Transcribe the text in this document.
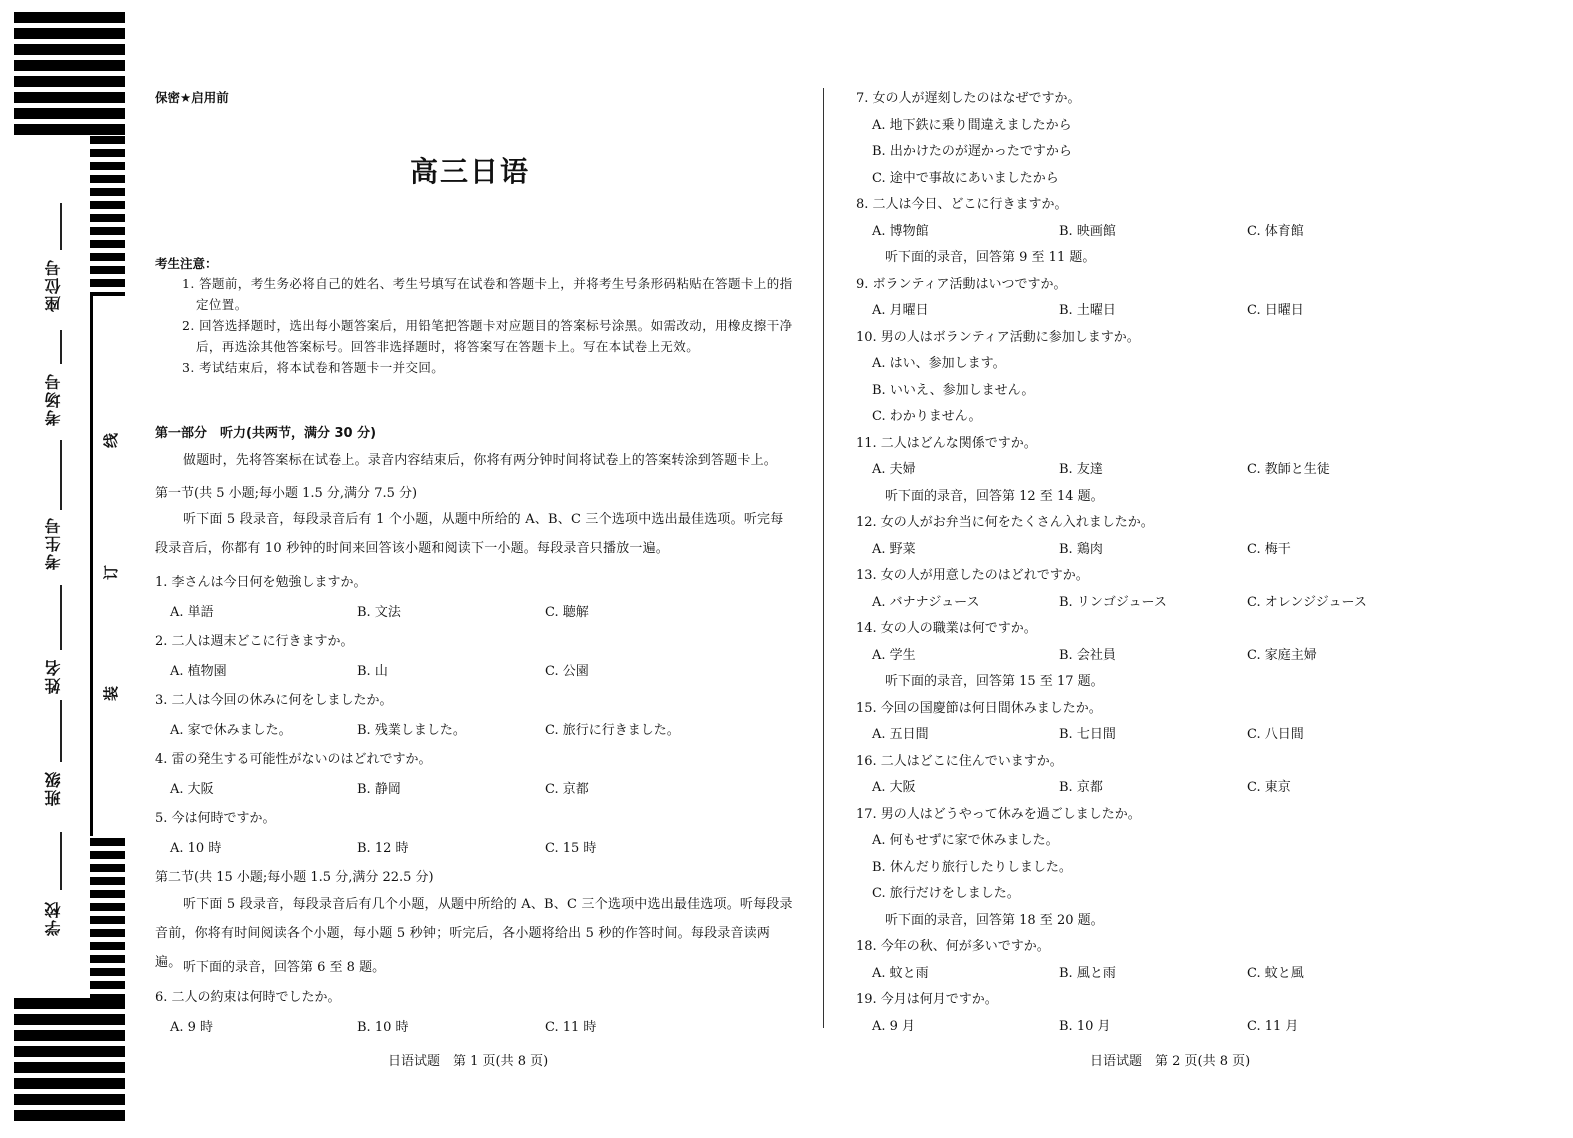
座位号
考场号
考生号
姓名
班级
学校
线
订
装
保密★启用前
高三日语
考生注意：
1. 答题前，考生务必将自己的姓名、考生号填写在试卷和答题卡上，并将考生号条形码粘贴在答题卡上的指定位置。
2. 回答选择题时，选出每小题答案后，用铅笔把答题卡对应题目的答案标号涂黑。如需改动，用橡皮擦干净后，再选涂其他答案标号。回答非选择题时，将答案写在答题卡上。写在本试卷上无效。
3. 考试结束后，将本试卷和答题卡一并交回。
第一部分　听力(共两节，满分 30 分)
做题时，先将答案标在试卷上。录音内容结束后，你将有两分钟时间将试卷上的答案转涂到答题卡上。
第一节(共 5 小题;每小题 1.5 分,满分 7.5 分)
听下面 5 段录音，每段录音后有 1 个小题，从题中所给的 A、B、C 三个选项中选出最佳选项。听完每段录音后，你都有 10 秒钟的时间来回答该小题和阅读下一小题。每段录音只播放一遍。
1. 李さんは今日何を勉強しますか。
A. 単語	B. 文法	C. 聴解
2. 二人は週末どこに行きますか。
A. 植物園	B. 山	C. 公園
3. 二人は今回の休みに何をしましたか。
A. 家で休みました。	B. 残業しました。	C. 旅行に行きました。
4. 雷の発生する可能性がないのはどれですか。
A. 大阪	B. 静岡	C. 京都
5. 今は何時ですか。
A. 10 時	B. 12 時	C. 15 時
6. 二人の約束は何時でしたか。
A. 9 時	B. 10 時	C. 11 時
第二节(共 15 小题;每小题 1.5 分,满分 22.5 分)
听下面 5 段录音，每段录音后有几个小题，从题中所给的 A、B、C 三个选项中选出最佳选项。听每段录音前，你将有时间阅读各个小题，每小题 5 秒钟；听完后，各小题将给出 5 秒的作答时间。每段录音读两遍。 听下面的录音，回答第 6 至 8 题。
日语试题　第 1 页(共 8 页)
7. 女の人が遅刻したのはなぜですか。
A. 地下鉄に乗り間違えましたから
B. 出かけたのが遅かったですから
C. 途中で事故にあいましたから
8. 二人は今日、どこに行きますか。
A. 博物館	B. 映画館	C. 体育館
　听下面的录音，回答第 9 至 11 题。
9. ボランティア活動はいつですか。
A. 月曜日	B. 土曜日	C. 日曜日
10. 男の人はボランティア活動に参加しますか。
A. はい、参加します。
B. いいえ、参加しません。
C. わかりません。
11. 二人はどんな関係ですか。
A. 夫婦	B. 友達	C. 教師と生徒
　听下面的录音，回答第 12 至 14 题。
12. 女の人がお弁当に何をたくさん入れましたか。
A. 野菜	B. 鶏肉	C. 梅干
13. 女の人が用意したのはどれですか。
A. バナナジュース	B. リンゴジュース	C. オレンジジュース
14. 女の人の職業は何ですか。
A. 学生	B. 会社員	C. 家庭主婦
　听下面的录音，回答第 15 至 17 题。
15. 今回の国慶節は何日間休みましたか。
A. 五日間	B. 七日間	C. 八日間
16. 二人はどこに住んでいますか。
A. 大阪	B. 京都	C. 東京
17. 男の人はどうやって休みを過ごしましたか。
A. 何もせずに家で休みました。
B. 休んだり旅行したりしました。
C. 旅行だけをしました。
　听下面的录音，回答第 18 至 20 题。
18. 今年の秋、何が多いですか。
A. 蚊と雨	B. 風と雨	C. 蚊と風
19. 今月は何月ですか。
A. 9 月	B. 10 月	C. 11 月
日语试题　第 2 页(共 8 页)
